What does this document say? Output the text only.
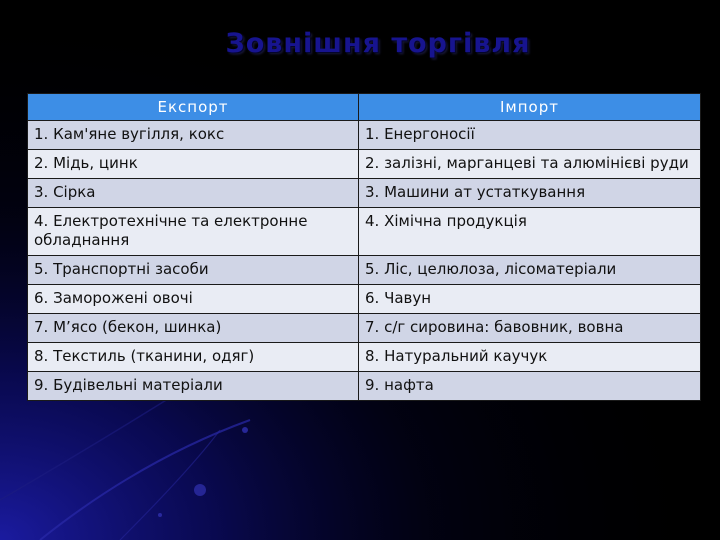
Зовнішня торгівля
Експорт	Імпорт
1. Кам'яне вугілля, кокс	1. Енергоносії
2. Мідь, цинк	2. залізні, марганцеві та алюмінієві руди
3. Сірка	3. Машини ат устаткування
4. Електротехнічне та електронне обладнання	4. Хімічна продукція
5. Транспортні засоби	5. Ліс, целюлоза, лісоматеріали
6. Заморожені овочі	6. Чавун
7. М’ясо (бекон, шинка)	7. с/г сировина: бавовник, вовна
8. Текстиль (тканини, одяг)	8. Натуральний каучук
9. Будівельні матеріали	9. нафта
